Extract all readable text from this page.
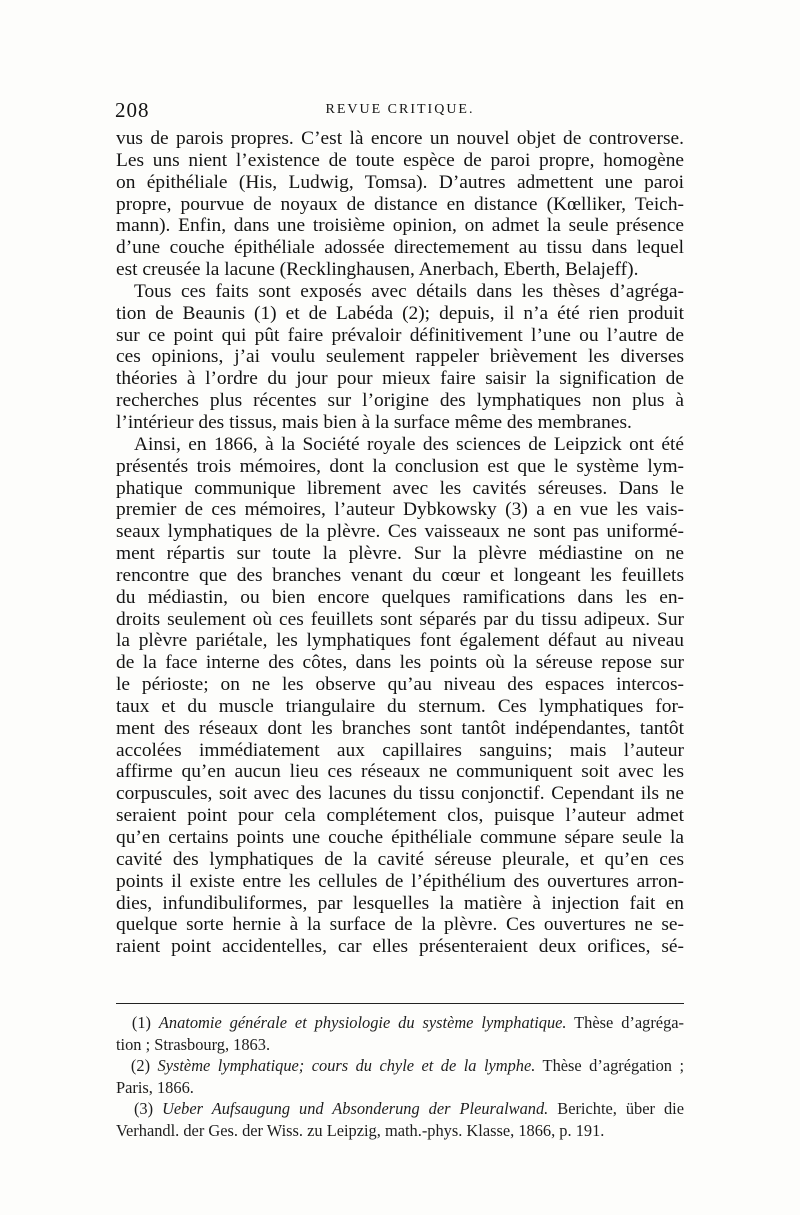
208	REVUE CRITIQUE.
vus de parois propres. C’est là encore un nouvel objet de controverse.
Les uns nient l’existence de toute espèce de paroi propre, homogène
on épithéliale (His, Ludwig, Tomsa). D’autres admettent une paroi
propre, pourvue de noyaux de distance en distance (Kœlliker, Teich-
mann). Enfin, dans une troisième opinion, on admet la seule présence
d’une couche épithéliale adossée directemement au tissu dans lequel
est creusée la lacune (Recklinghausen, Anerbach, Eberth, Belajeff).
Tous ces faits sont exposés avec détails dans les thèses d’agréga-
tion de Beaunis (1) et de Labéda (2); depuis, il n’a été rien produit
sur ce point qui pût faire prévaloir définitivement l’une ou l’autre de
ces opinions, j’ai voulu seulement rappeler brièvement les diverses
théories à l’ordre du jour pour mieux faire saisir la signification de
recherches plus récentes sur l’origine des lymphatiques non plus à
l’intérieur des tissus, mais bien à la surface même des membranes.
Ainsi, en 1866, à la Société royale des sciences de Leipzick ont été
présentés trois mémoires, dont la conclusion est que le système lym-
phatique communique librement avec les cavités séreuses. Dans le
premier de ces mémoires, l’auteur Dybkowsky (3) a en vue les vais-
seaux lymphatiques de la plèvre. Ces vaisseaux ne sont pas uniformé-
ment répartis sur toute la plèvre. Sur la plèvre médiastine on ne
rencontre que des branches venant du cœur et longeant les feuillets
du médiastin, ou bien encore quelques ramifications dans les en-
droits seulement où ces feuillets sont séparés par du tissu adipeux. Sur
la plèvre pariétale, les lymphatiques font également défaut au niveau
de la face interne des côtes, dans les points où la séreuse repose sur
le périoste; on ne les observe qu’au niveau des espaces intercos-
taux et du muscle triangulaire du sternum. Ces lymphatiques for-
ment des réseaux dont les branches sont tantôt indépendantes, tantôt
accolées immédiatement aux capillaires sanguins; mais l’auteur
affirme qu’en aucun lieu ces réseaux ne communiquent soit avec les
corpuscules, soit avec des lacunes du tissu conjonctif. Cependant ils ne
seraient point pour cela complétement clos, puisque l’auteur admet
qu’en certains points une couche épithéliale commune sépare seule la
cavité des lymphatiques de la cavité séreuse pleurale, et qu’en ces
points il existe entre les cellules de l’épithélium des ouvertures arron-
dies, infundibuliformes, par lesquelles la matière à injection fait en
quelque sorte hernie à la surface de la plèvre. Ces ouvertures ne se-
raient point accidentelles, car elles présenteraient deux orifices, sé-
(1) Anatomie générale et physiologie du système lymphatique. Thèse d’agréga-
tion ; Strasbourg, 1863.
(2) Système lymphatique; cours du chyle et de la lymphe. Thèse d’agrégation ;
Paris, 1866.
(3) Ueber Aufsaugung und Absonderung der Pleuralwand. Berichte, über die
Verhandl. der Ges. der Wiss. zu Leipzig, math.-phys. Klasse, 1866, p. 191.
